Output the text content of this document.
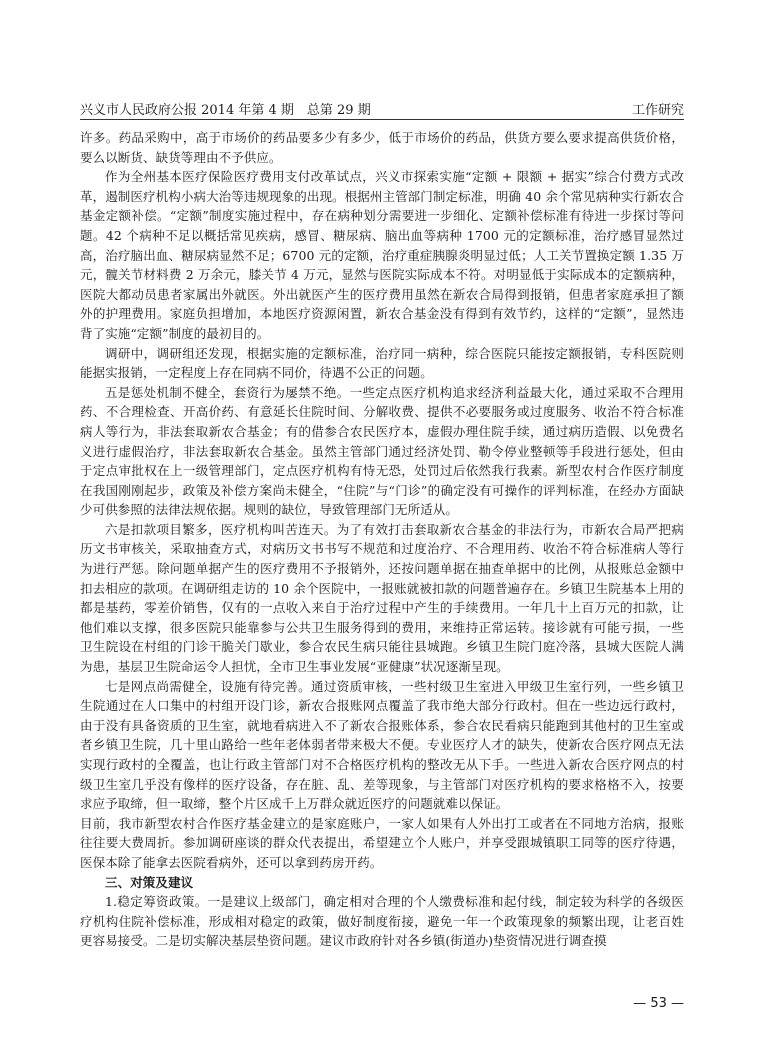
兴义市人民政府公报 2014 年第 4 期　总第 29 期	工作研究

许多。药品采购中，高于市场价的药品要多少有多少，低于市场价的药品，供货方要么要求提高供货价格，要么以断货、缺货等理由不予供应。

作为全州基本医疗保险医疗费用支付改革试点，兴义市探索实施“定额 + 限额 + 据实”综合付费方式改革，遏制医疗机构小病大治等违规现象的出现。根据州主管部门制定标准，明确 40 余个常见病种实行新农合基金定额补偿。“定额”制度实施过程中，存在病种划分需要进一步细化、定额补偿标准有待进一步探讨等问题。42 个病种不足以概括常见疾病，感冒、糖尿病、脑出血等病种 1700 元的定额标准，治疗感冒显然过高，治疗脑出血、糖尿病显然不足；6700 元的定额，治疗重症胰腺炎明显过低；人工关节置换定额 1.35 万元，髋关节材料费 2 万余元，膝关节 4 万元，显然与医院实际成本不符。对明显低于实际成本的定额病种，医院大都动员患者家属出外就医。外出就医产生的医疗费用虽然在新农合局得到报销，但患者家庭承担了额外的护理费用。家庭负担增加，本地医疗资源闲置，新农合基金没有得到有效节约，这样的“定额”，显然违背了实施“定额”制度的最初目的。

调研中，调研组还发现，根据实施的定额标准，治疗同一病种，综合医院只能按定额报销，专科医院则能据实报销，一定程度上存在同病不同价，待遇不公正的问题。

五是惩处机制不健全，套资行为屡禁不绝。一些定点医疗机构追求经济利益最大化，通过采取不合理用药、不合理检查、开高价药、有意延长住院时间、分解收费、提供不必要服务或过度服务、收治不符合标准病人等行为，非法套取新农合基金；有的借参合农民医疗本，虚假办理住院手续，通过病历造假、以免费名义进行虚假治疗，非法套取新农合基金。虽然主管部门通过经济处罚、勒令停业整顿等手段进行惩处，但由于定点审批权在上一级管理部门，定点医疗机构有恃无恐，处罚过后依然我行我素。新型农村合作医疗制度在我国刚刚起步，政策及补偿方案尚未健全，“住院”与“门诊”的确定没有可操作的评判标准，在经办方面缺少可供参照的法律法规依据。规则的缺位，导致管理部门无所适从。

六是扣款项目繁多，医疗机构叫苦连天。为了有效打击套取新农合基金的非法行为，市新农合局严把病历文书审核关，采取抽查方式，对病历文书书写不规范和过度治疗、不合理用药、收治不符合标准病人等行为进行严惩。除问题单据产生的医疗费用不予报销外，还按问题单据在抽查单据中的比例，从报账总金额中扣去相应的款项。在调研组走访的 10 余个医院中，一报账就被扣款的问题普遍存在。乡镇卫生院基本上用的都是基药，零差价销售，仅有的一点收入来自于治疗过程中产生的手续费用。一年几十上百万元的扣款，让他们难以支撑，很多医院只能靠参与公共卫生服务得到的费用，来维持正常运转。接诊就有可能亏损，一些卫生院设在村组的门诊干脆关门歇业，参合农民生病只能往县城跑。乡镇卫生院门庭冷落，县城大医院人满为患，基层卫生院命运令人担忧，全市卫生事业发展“亚健康”状况逐渐呈现。

七是网点尚需健全，设施有待完善。通过资质审核，一些村级卫生室进入甲级卫生室行列，一些乡镇卫生院通过在人口集中的村组开设门诊，新农合报账网点覆盖了我市绝大部分行政村。但在一些边远行政村，由于没有具备资质的卫生室，就地看病进入不了新农合报账体系，参合农民看病只能跑到其他村的卫生室或者乡镇卫生院，几十里山路给一些年老体弱者带来极大不便。专业医疗人才的缺失，使新农合医疗网点无法实现行政村的全覆盖，也让行政主管部门对不合格医疗机构的整改无从下手。一些进入新农合医疗网点的村级卫生室几乎没有像样的医疗设备，存在脏、乱、差等现象，与主管部门对医疗机构的要求格格不入，按要求应予取缔，但一取缔，整个片区成千上万群众就近医疗的问题就难以保证。

目前，我市新型农村合作医疗基金建立的是家庭账户，一家人如果有人外出打工或者在不同地方治病，报账往往要大费周折。参加调研座谈的群众代表提出，希望建立个人账户，并享受跟城镇职工同等的医疗待遇，医保本除了能拿去医院看病外，还可以拿到药房开药。

三、对策及建议

1.稳定筹资政策。一是建议上级部门，确定相对合理的个人缴费标准和起付线，制定较为科学的各级医疗机构住院补偿标准，形成相对稳定的政策，做好制度衔接，避免一年一个政策现象的频繁出现，让老百姓更容易接受。二是切实解决基层垫资问题。建议市政府针对各乡镇(街道办)垫资情况进行调查摸

— 53 —
